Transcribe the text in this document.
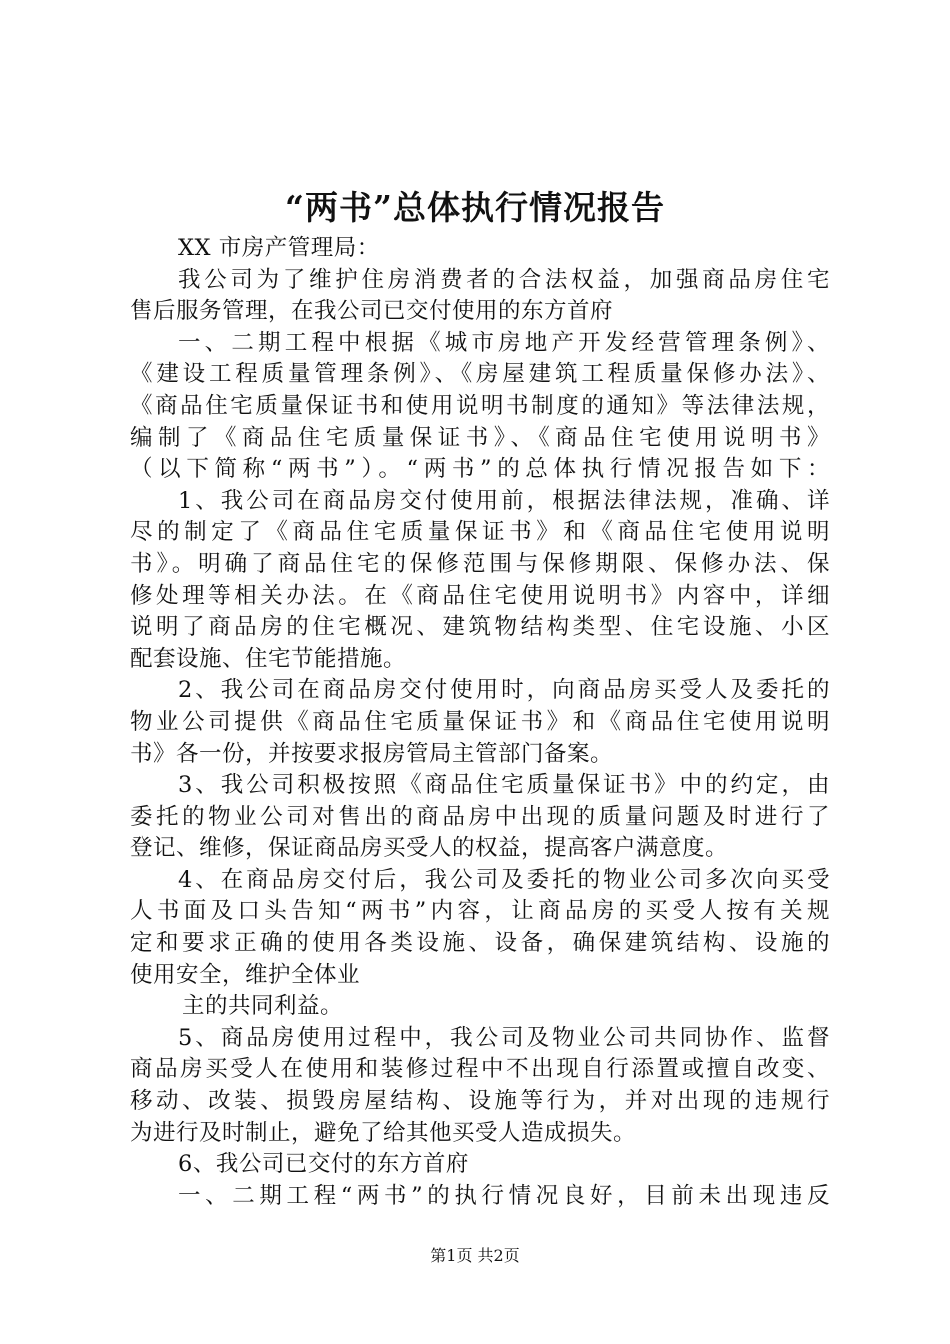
“两书”总体执行情况报告
XX 市房产管理局：
我公司为了维护住房消费者的合法权益，加强商品房住宅
售后服务管理，在我公司已交付使用的东方首府
一、二期工程中根据《城市房地产开发经营管理条例》、
《建设工程质量管理条例》、《房屋建筑工程质量保修办法》、
《商品住宅质量保证书和使用说明书制度的通知》等法律法规，
编制了《商品住宅质量保证书》、《商品住宅使用说明书》
（以下简称“两书”）。“两书”的总体执行情况报告如下：
1、我公司在商品房交付使用前，根据法律法规，准确、详
尽的制定了《商品住宅质量保证书》和《商品住宅使用说明
书》。明确了商品住宅的保修范围与保修期限、保修办法、保
修处理等相关办法。在《商品住宅使用说明书》内容中，详细
说明了商品房的住宅概况、建筑物结构类型、住宅设施、小区
配套设施、住宅节能措施。
2、我公司在商品房交付使用时，向商品房买受人及委托的
物业公司提供《商品住宅质量保证书》和《商品住宅使用说明
书》各一份，并按要求报房管局主管部门备案。
3、我公司积极按照《商品住宅质量保证书》中的约定，由
委托的物业公司对售出的商品房中出现的质量问题及时进行了
登记、维修，保证商品房买受人的权益，提高客户满意度。
4、在商品房交付后，我公司及委托的物业公司多次向买受
人书面及口头告知“两书”内容，让商品房的买受人按有关规
定和要求正确的使用各类设施、设备，确保建筑结构、设施的
使用安全，维护全体业
主的共同利益。
5、商品房使用过程中，我公司及物业公司共同协作、监督
商品房买受人在使用和装修过程中不出现自行添置或擅自改变、
移动、改装、损毁房屋结构、设施等行为，并对出现的违规行
为进行及时制止，避免了给其他买受人造成损失。
6、我公司已交付的东方首府
一、二期工程“两书”的执行情况良好，目前未出现违反
第1页 共2页
